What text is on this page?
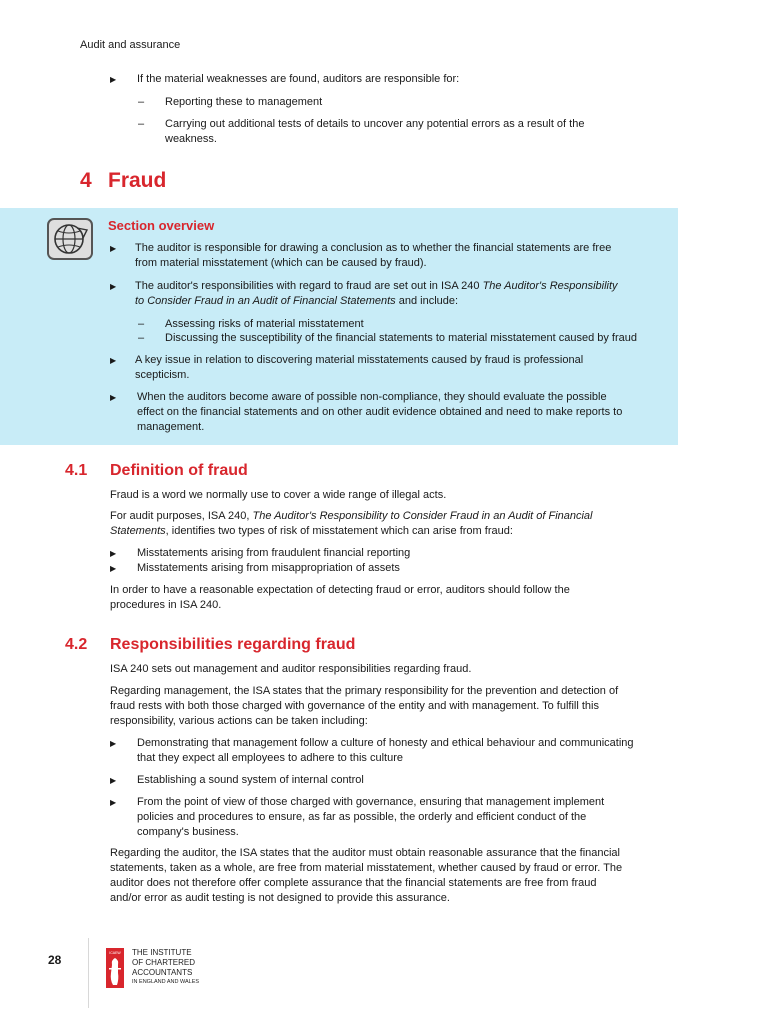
Audit and assurance
▶ If the material weaknesses are found, auditors are responsible for:
– Reporting these to management
– Carrying out additional tests of details to uncover any potential errors as a result of the
weakness.
4 Fraud
Section overview
▶ The auditor is responsible for drawing a conclusion as to whether the financial statements are free
from material misstatement (which can be caused by fraud).
▶ The auditor's responsibilities with regard to fraud are set out in ISA 240 The Auditor's Responsibility
to Consider Fraud in an Audit of Financial Statements and include:
– Assessing risks of material misstatement
– Discussing the susceptibility of the financial statements to material misstatement caused by fraud
▶ A key issue in relation to discovering material misstatements caused by fraud is professional
scepticism.
▶ When the auditors become aware of possible non-compliance, they should evaluate the possible
effect on the financial statements and on other audit evidence obtained and need to make reports to
management.
4.1 Definition of fraud
Fraud is a word we normally use to cover a wide range of illegal acts.
For audit purposes, ISA 240, The Auditor's Responsibility to Consider Fraud in an Audit of Financial
Statements, identifies two types of risk of misstatement which can arise from fraud:
▶ Misstatements arising from fraudulent financial reporting
▶ Misstatements arising from misappropriation of assets
In order to have a reasonable expectation of detecting fraud or error, auditors should follow the
procedures in ISA 240.
4.2 Responsibilities regarding fraud
ISA 240 sets out management and auditor responsibilities regarding fraud.
Regarding management, the ISA states that the primary responsibility for the prevention and detection of
fraud rests with both those charged with governance of the entity and with management. To fulfill this
responsibility, various actions can be taken including:
▶ Demonstrating that management follow a culture of honesty and ethical behaviour and communicating
that they expect all employees to adhere to this culture
▶ Establishing a sound system of internal control
▶ From the point of view of those charged with governance, ensuring that management implement
policies and procedures to ensure, as far as possible, the orderly and efficient conduct of the
company's business.
Regarding the auditor, the ISA states that the auditor must obtain reasonable assurance that the financial
statements, taken as a whole, are free from material misstatement, whether caused by fraud or error. The
auditor does not therefore offer complete assurance that the financial statements are free from fraud
and/or error as audit testing is not designed to provide this assurance.
28	ICAEW THE INSTITUTE
OF CHARTERED
ACCOUNTANTS
IN ENGLAND AND WALES
